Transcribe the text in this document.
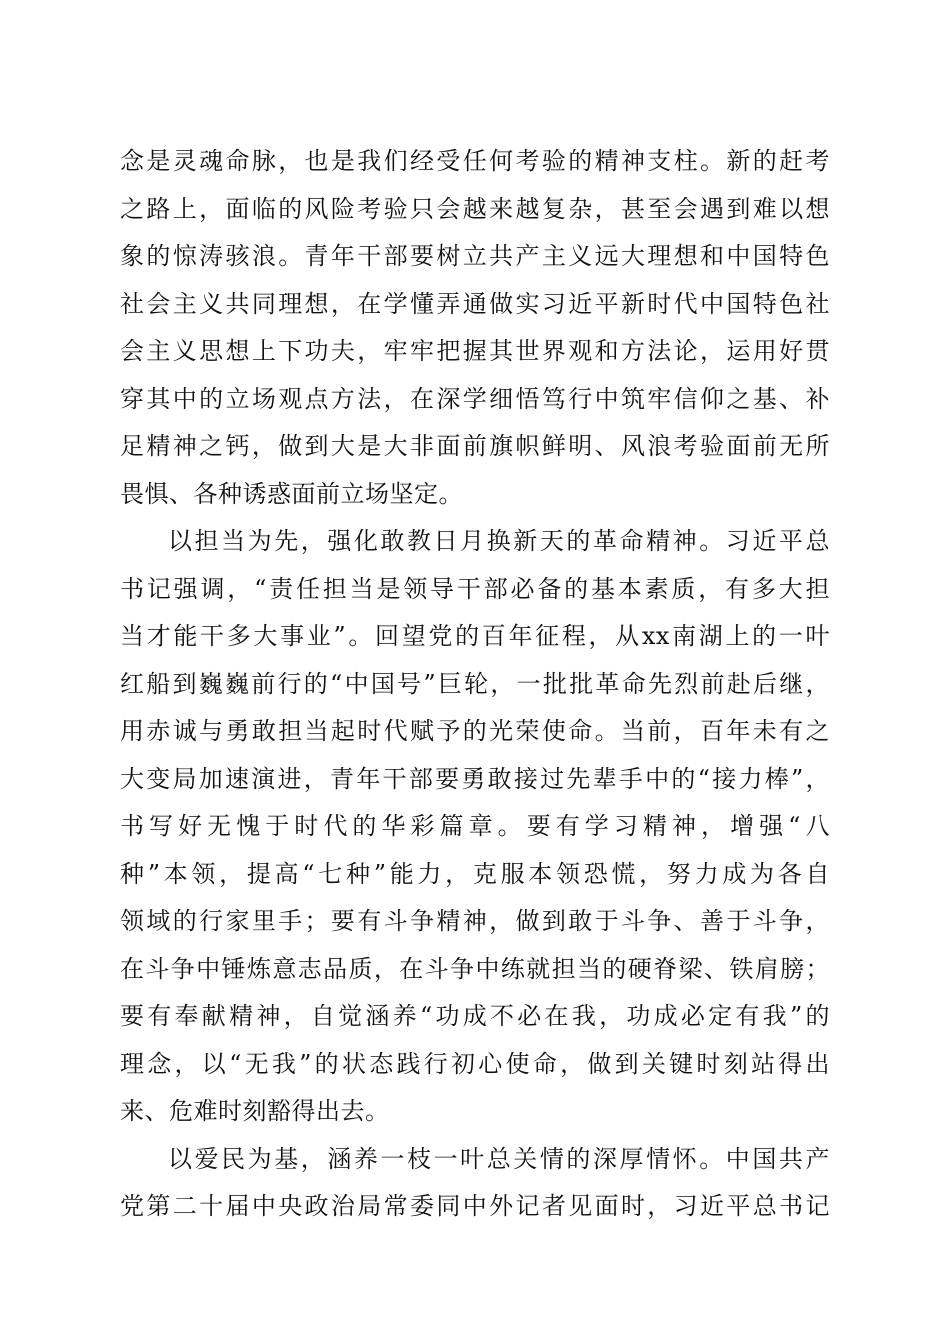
念是灵魂命脉，也是我们经受任何考验的精神支柱。新的赶考
之路上，面临的风险考验只会越来越复杂，甚至会遇到难以想
象的惊涛骇浪。青年干部要树立共产主义远大理想和中国特色
社会主义共同理想，在学懂弄通做实习近平新时代中国特色社
会主义思想上下功夫，牢牢把握其世界观和方法论，运用好贯
穿其中的立场观点方法，在深学细悟笃行中筑牢信仰之基、补
足精神之钙，做到大是大非面前旗帜鲜明、风浪考验面前无所
畏惧、各种诱惑面前立场坚定。
以担当为先，强化敢教日月换新天的革命精神。习近平总
书记强调，“责任担当是领导干部必备的基本素质，有多大担
当才能干多大事业”。回望党的百年征程，从xx南湖上的一叶
红船到巍巍前行的“中国号”巨轮，一批批革命先烈前赴后继，
用赤诚与勇敢担当起时代赋予的光荣使命。当前，百年未有之
大变局加速演进，青年干部要勇敢接过先辈手中的“接力棒”，
书写好无愧于时代的华彩篇章。要有学习精神，增强“八
种”本领，提高“七种”能力，克服本领恐慌，努力成为各自
领域的行家里手；要有斗争精神，做到敢于斗争、善于斗争，
在斗争中锤炼意志品质，在斗争中练就担当的硬脊梁、铁肩膀；
要有奉献精神，自觉涵养“功成不必在我，功成必定有我”的
理念，以“无我”的状态践行初心使命，做到关键时刻站得出
来、危难时刻豁得出去。
以爱民为基，涵养一枝一叶总关情的深厚情怀。中国共产
党第二十届中央政治局常委同中外记者见面时，习近平总书记
